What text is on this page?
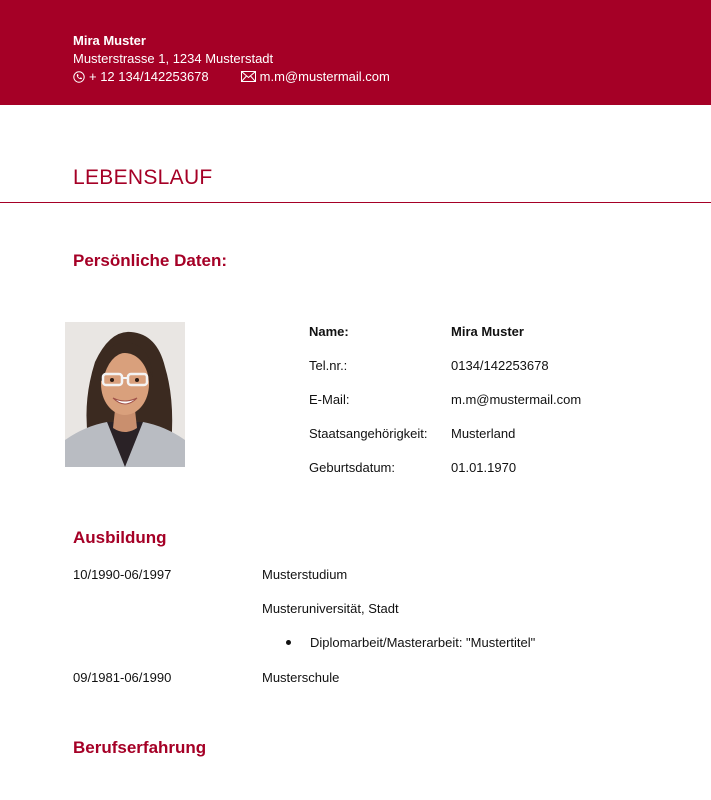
Mira Muster
Musterstrasse 1, 1234 Musterstadt
+ 12 134/142253678	m.m@mustermail.com
LEBENSLAUF
Persönliche Daten:
Name:	Mira Muster
Tel.nr.:	0134/142253678
E-Mail:	m.m@mustermail.com
Staatsangehörigkeit: Musterland
Geburtsdatum:	01.01.1970
Ausbildung
10/1990-06/1997	Musterstudium
Musteruniversität, Stadt
Diplomarbeit/Masterarbeit: "Mustertitel"
09/1981-06/1990	Musterschule
Berufserfahrung
